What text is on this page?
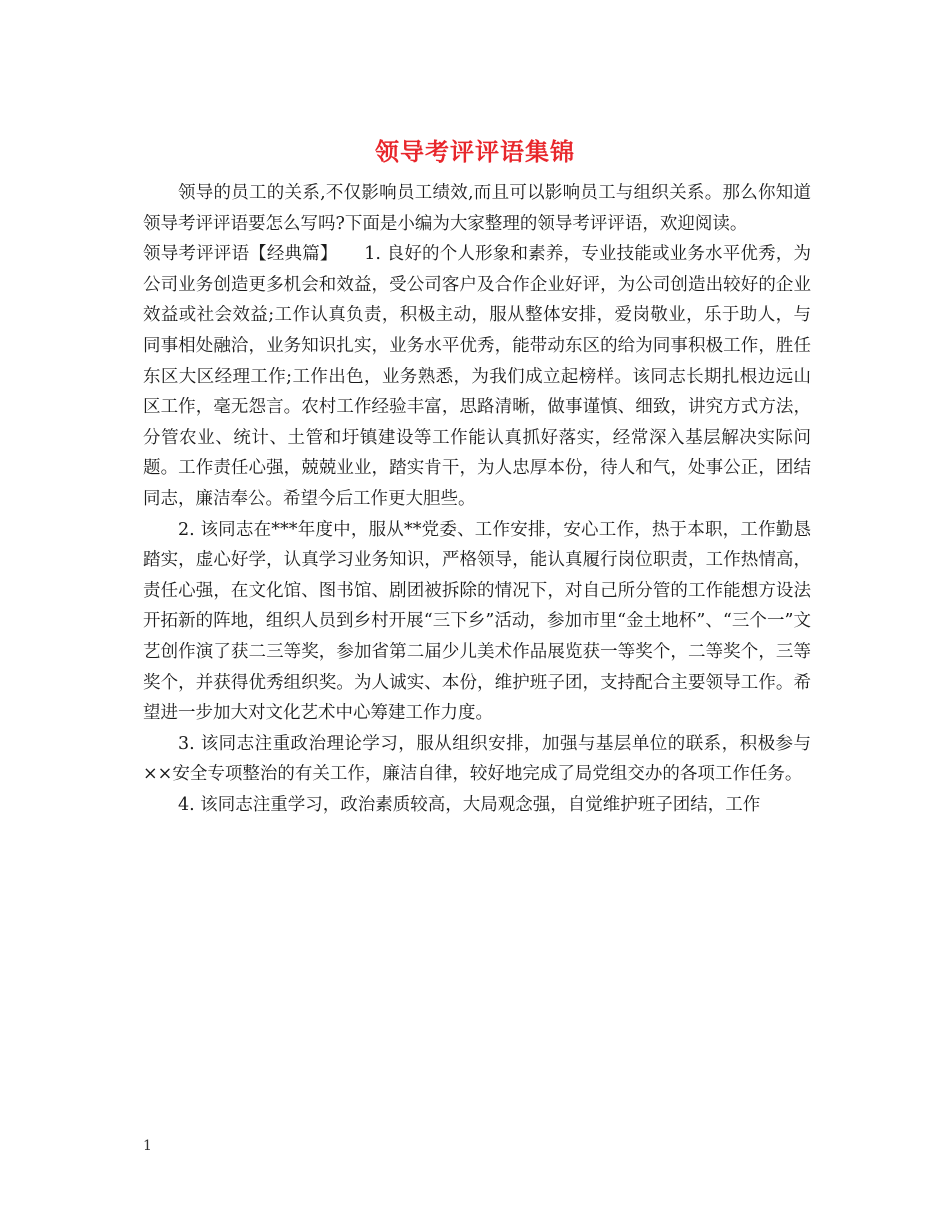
领导考评评语集锦

领导的员工的关系,不仅影响员工绩效,而且可以影响员工与组织关系。那么你知道领导考评评语要怎么写吗?下面是小编为大家整理的领导考评评语，欢迎阅读。

领导考评评语【经典篇】　　1. 良好的个人形象和素养，专业技能或业务水平优秀，为公司业务创造更多机会和效益，受公司客户及合作企业好评，为公司创造出较好的企业效益或社会效益;工作认真负责，积极主动，服从整体安排，爱岗敬业，乐于助人，与同事相处融洽，业务知识扎实，业务水平优秀，能带动东区的给为同事积极工作，胜任东区大区经理工作;工作出色，业务熟悉，为我们成立起榜样。该同志长期扎根边远山区工作，毫无怨言。农村工作经验丰富，思路清晰，做事谨慎、细致，讲究方式方法，分管农业、统计、土管和圩镇建设等工作能认真抓好落实，经常深入基层解决实际问题。工作责任心强，兢兢业业，踏实肯干，为人忠厚本份，待人和气，处事公正，团结同志，廉洁奉公。希望今后工作更大胆些。

2. 该同志在***年度中，服从**党委、工作安排，安心工作，热于本职，工作勤恳踏实，虚心好学，认真学习业务知识，严格领导，能认真履行岗位职责，工作热情高，责任心强，在文化馆、图书馆、剧团被拆除的情况下，对自己所分管的工作能想方设法开拓新的阵地，组织人员到乡村开展“三下乡”活动，参加市里“金土地杯”、“三个一”文艺创作演了获二三等奖，参加省第二届少儿美术作品展览获一等奖个，二等奖个，三等奖个，并获得优秀组织奖。为人诚实、本份，维护班子团，支持配合主要领导工作。希望进一步加大对文化艺术中心筹建工作力度。

3. 该同志注重政治理论学习，服从组织安排，加强与基层单位的联系，积极参与××安全专项整治的有关工作，廉洁自律，较好地完成了局党组交办的各项工作任务。

4. 该同志注重学习，政治素质较高，大局观念强，自觉维护班子团结，工作

1
